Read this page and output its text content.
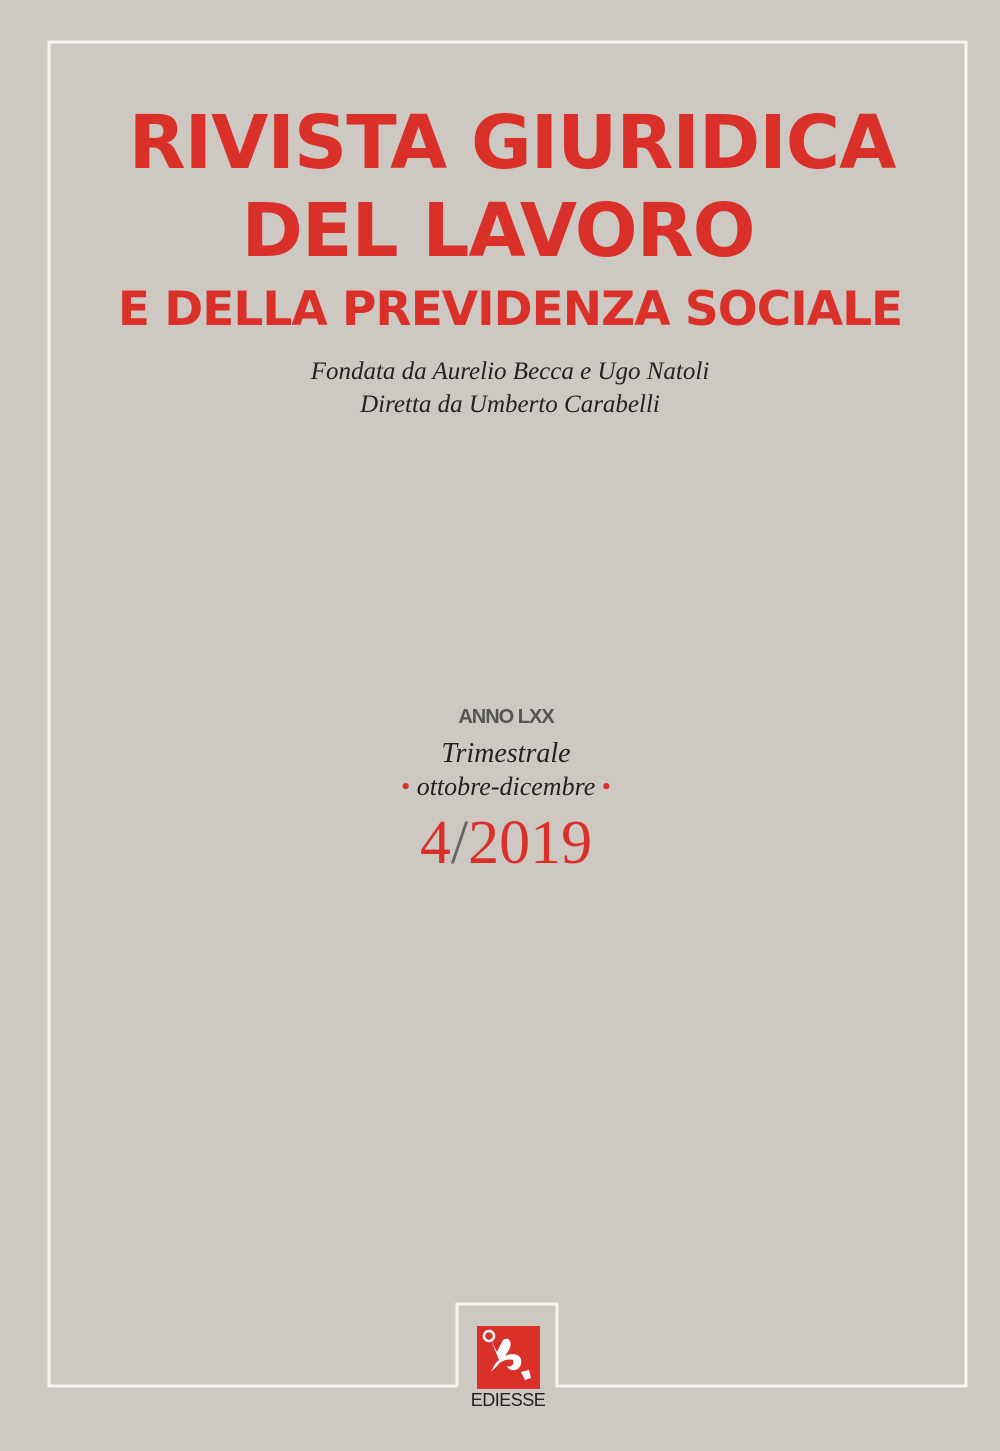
RIVISTA GIURIDICA
DEL LAVORO
E DELLA PREVIDENZA SOCIALE
Fondata da Aurelio Becca e Ugo Natoli
Diretta da Umberto Carabelli
ANNO LXX
Trimestrale
• ottobre-dicembre •
4/2019
EDIESSE
